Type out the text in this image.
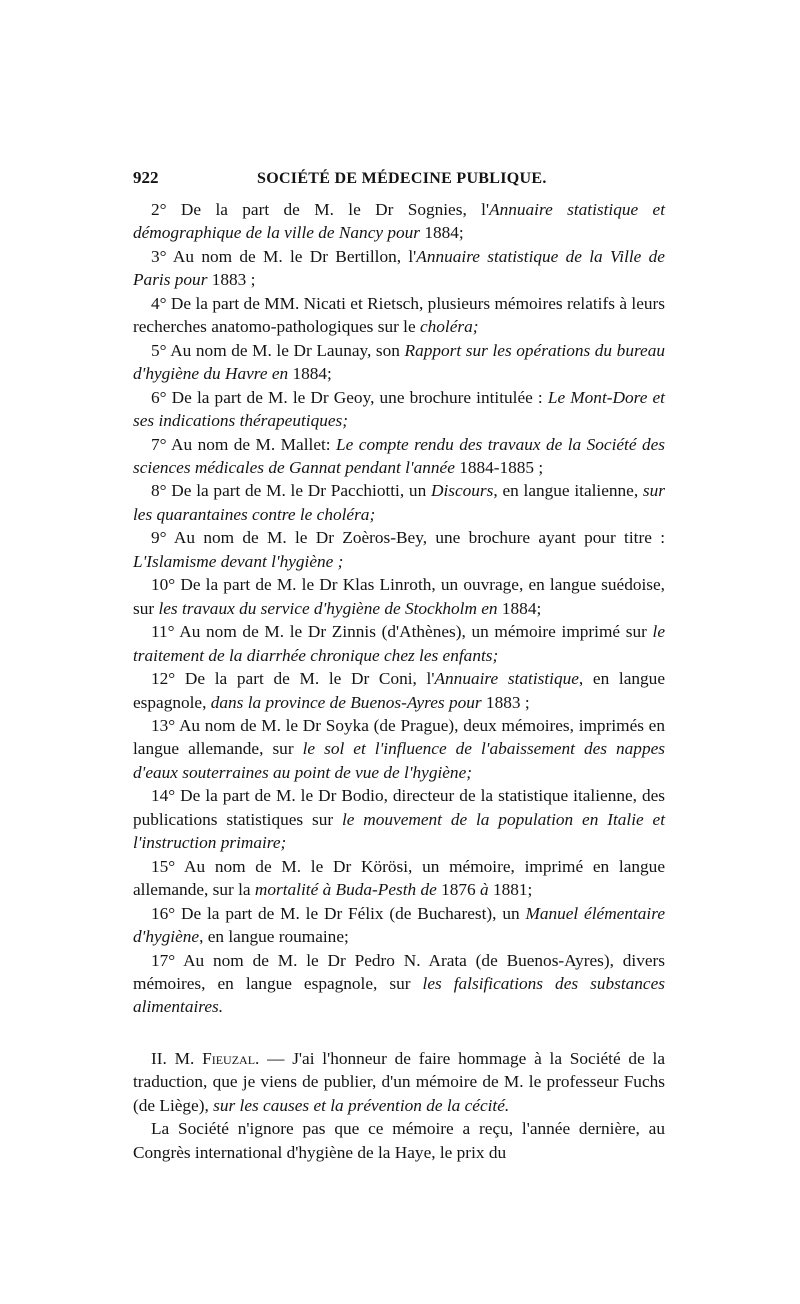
922	SOCIÉTÉ DE MÉDECINE PUBLIQUE.

2° De la part de M. le Dr Sognies, l'Annuaire statistique et démographique de la ville de Nancy pour 1884;

3° Au nom de M. le Dr Bertillon, l'Annuaire statistique de la Ville de Paris pour 1883 ;

4° De la part de MM. Nicati et Rietsch, plusieurs mémoires relatifs à leurs recherches anatomo-pathologiques sur le choléra;

5° Au nom de M. le Dr Launay, son Rapport sur les opérations du bureau d'hygiène du Havre en 1884;

6° De la part de M. le Dr Geoy, une brochure intitulée : Le Mont-Dore et ses indications thérapeutiques;

7° Au nom de M. Mallet: Le compte rendu des travaux de la Société des sciences médicales de Gannat pendant l'année 1884-1885 ;

8° De la part de M. le Dr Pacchiotti, un Discours, en langue italienne, sur les quarantaines contre le choléra;

9° Au nom de M. le Dr Zoèros-Bey, une brochure ayant pour titre : L'Islamisme devant l'hygiène ;

10° De la part de M. le Dr Klas Linroth, un ouvrage, en langue suédoise, sur les travaux du service d'hygiène de Stockholm en 1884;

11° Au nom de M. le Dr Zinnis (d'Athènes), un mémoire imprimé sur le traitement de la diarrhée chronique chez les enfants;

12° De la part de M. le Dr Coni, l'Annuaire statistique, en langue espagnole, dans la province de Buenos-Ayres pour 1883 ;

13° Au nom de M. le Dr Soyka (de Prague), deux mémoires, imprimés en langue allemande, sur le sol et l'influence de l'abaissement des nappes d'eaux souterraines au point de vue de l'hygiène;

14° De la part de M. le Dr Bodio, directeur de la statistique italienne, des publications statistiques sur le mouvement de la population en Italie et l'instruction primaire;

15° Au nom de M. le Dr Körösi, un mémoire, imprimé en langue allemande, sur la mortalité à Buda-Pesth de 1876 à 1881;

16° De la part de M. le Dr Félix (de Bucharest), un Manuel élémentaire d'hygiène, en langue roumaine;

17° Au nom de M. le Dr Pedro N. Arata (de Buenos-Ayres), divers mémoires, en langue espagnole, sur les falsifications des substances alimentaires.

II. M. Fieuzal. — J'ai l'honneur de faire hommage à la Société de la traduction, que je viens de publier, d'un mémoire de M. le professeur Fuchs (de Liège), sur les causes et la prévention de la cécité.

La Société n'ignore pas que ce mémoire a reçu, l'année dernière, au Congrès international d'hygiène de la Haye, le prix du
